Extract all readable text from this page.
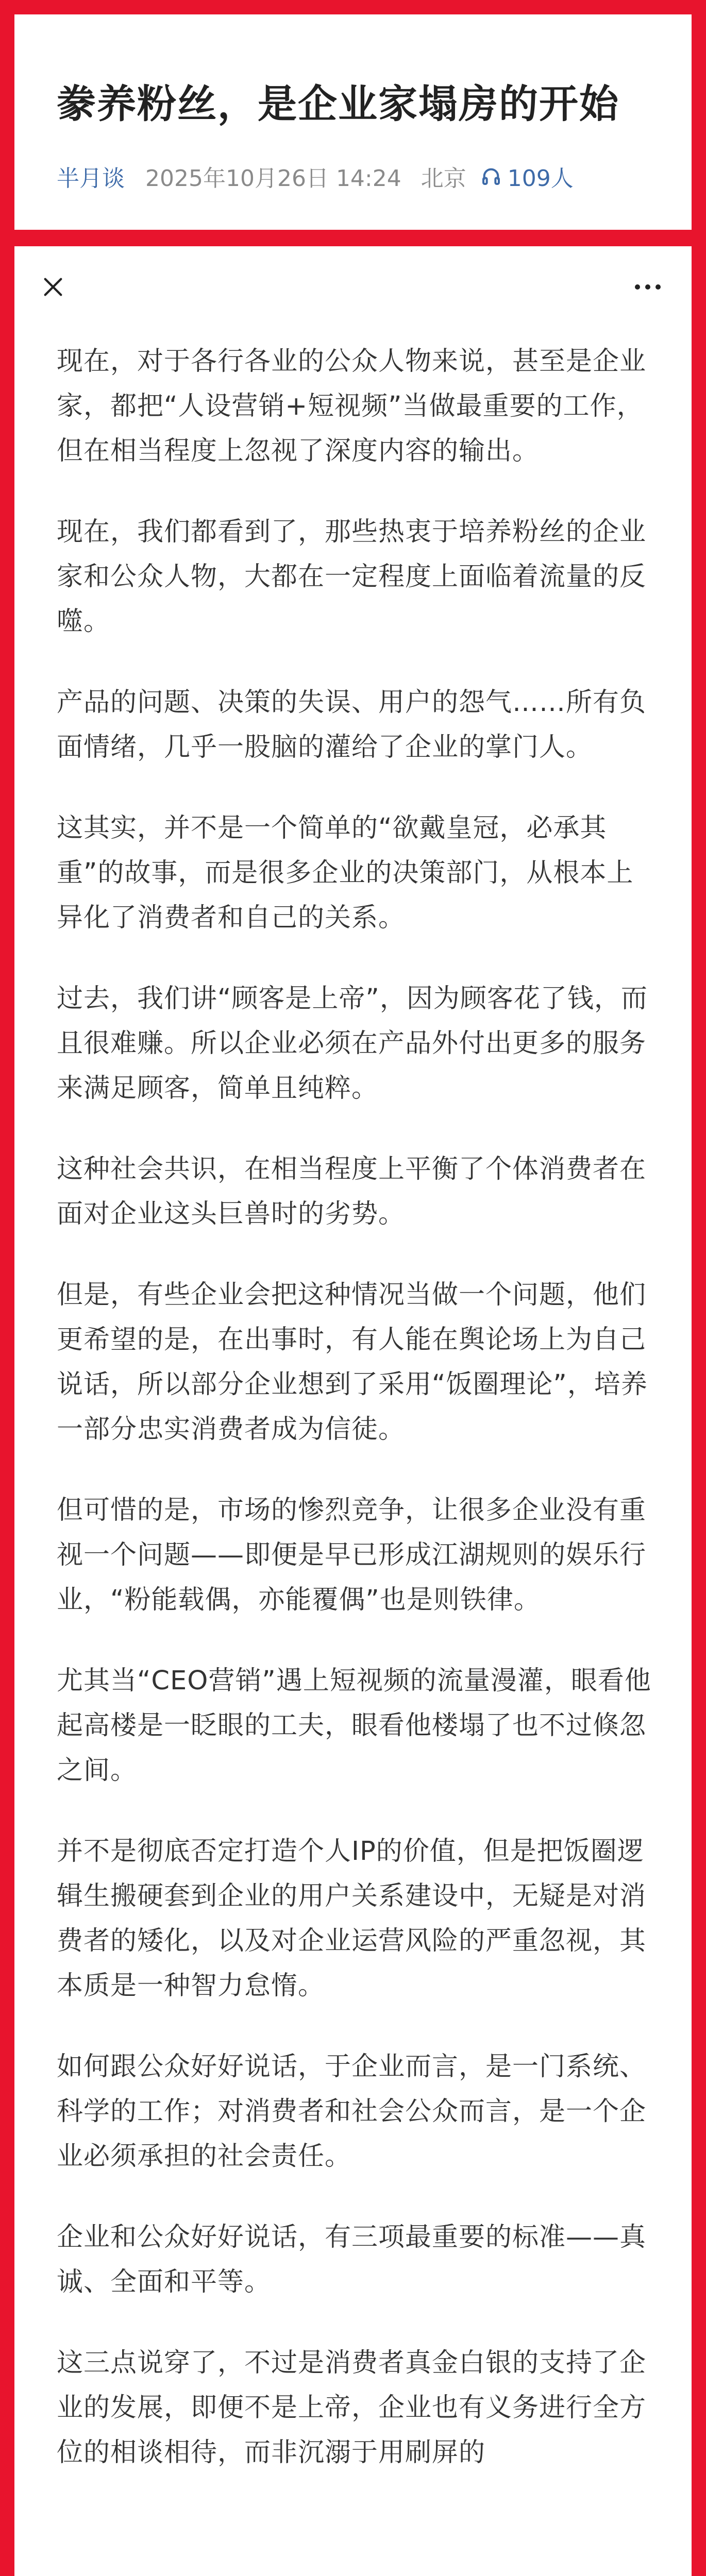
豢养粉丝，是企业家塌房的开始
半月谈 2025年10月26日 14:24 北京 109人

现在，对于各行各业的公众人物来说，甚至是企业家，都把“人设营销+短视频”当做最重要的工作，但在相当程度上忽视了深度内容的输出。

现在，我们都看到了，那些热衷于培养粉丝的企业家和公众人物，大都在一定程度上面临着流量的反噬。

产品的问题、决策的失误、用户的怨气……所有负面情绪，几乎一股脑的灌给了企业的掌门人。

这其实，并不是一个简单的“欲戴皇冠，必承其重”的故事，而是很多企业的决策部门，从根本上异化了消费者和自己的关系。

过去，我们讲“顾客是上帝”，因为顾客花了钱，而且很难赚。所以企业必须在产品外付出更多的服务来满足顾客，简单且纯粹。

这种社会共识，在相当程度上平衡了个体消费者在面对企业这头巨兽时的劣势。

但是，有些企业会把这种情况当做一个问题，他们更希望的是，在出事时，有人能在舆论场上为自己说话，所以部分企业想到了采用“饭圈理论”，培养一部分忠实消费者成为信徒。

但可惜的是，市场的惨烈竞争，让很多企业没有重视一个问题——即便是早已形成江湖规则的娱乐行业，“粉能载偶，亦能覆偶”也是则铁律。

尤其当“CEO营销”遇上短视频的流量漫灌，眼看他起高楼是一眨眼的工夫，眼看他楼塌了也不过倏忽之间。

并不是彻底否定打造个人IP的价值，但是把饭圈逻辑生搬硬套到企业的用户关系建设中，无疑是对消费者的矮化，以及对企业运营风险的严重忽视，其本质是一种智力怠惰。

如何跟公众好好说话，于企业而言，是一门系统、科学的工作；对消费者和社会公众而言，是一个企业必须承担的社会责任。

企业和公众好好说话，有三项最重要的标准——真诚、全面和平等。

这三点说穿了，不过是消费者真金白银的支持了企业的发展，即便不是上帝，企业也有义务进行全方位的相谈相待，而非沉溺于用刷屏的
